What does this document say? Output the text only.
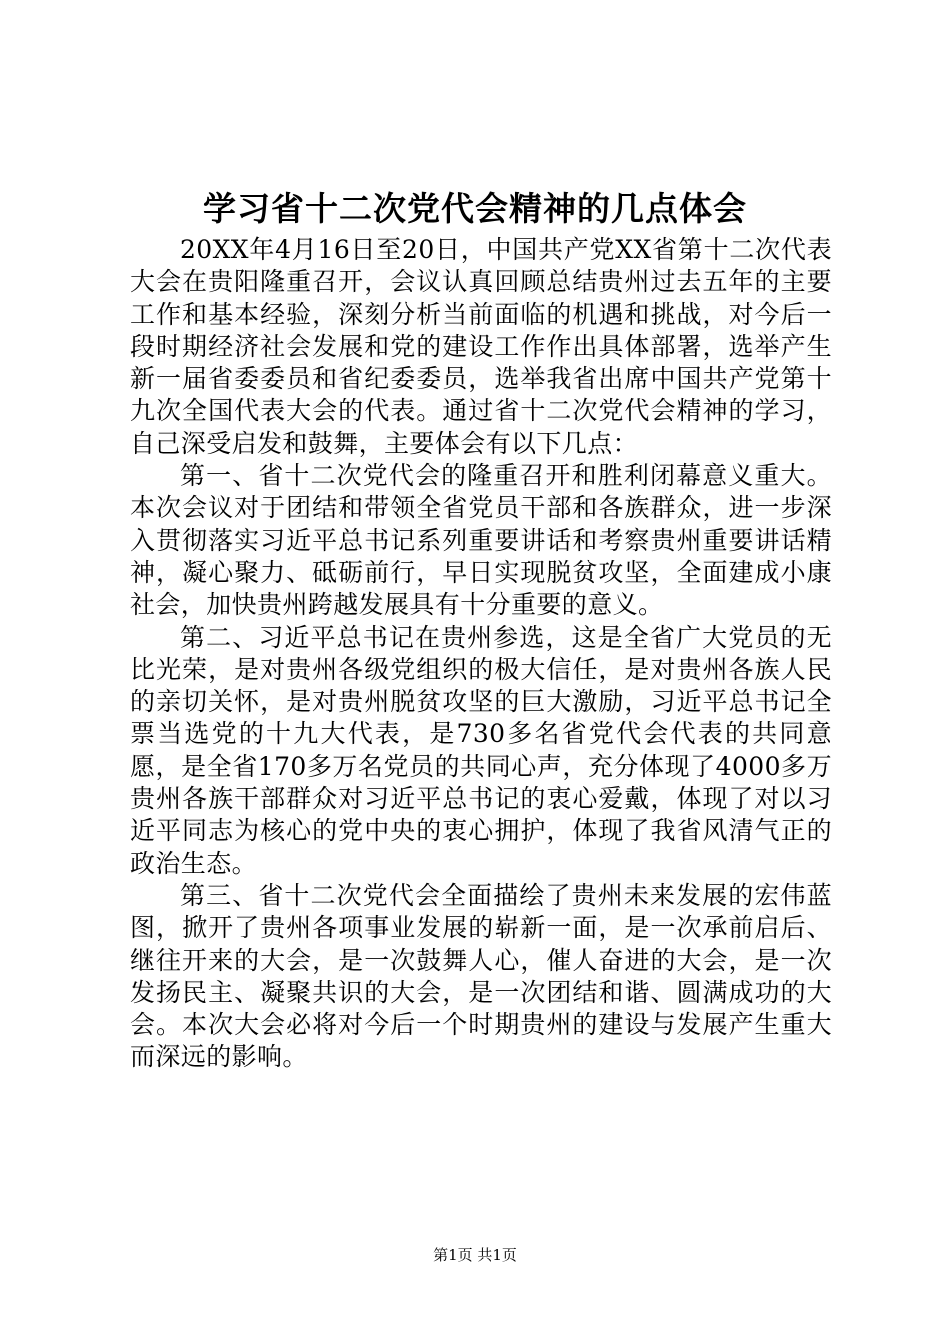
学习省十二次党代会精神的几点体会

20XX年4月16日至20日，中国共产党XX省第十二次代表大会在贵阳隆重召开，会议认真回顾总结贵州过去五年的主要工作和基本经验，深刻分析当前面临的机遇和挑战，对今后一段时期经济社会发展和党的建设工作作出具体部署，选举产生新一届省委委员和省纪委委员，选举我省出席中国共产党第十九次全国代表大会的代表。通过省十二次党代会精神的学习，自己深受启发和鼓舞，主要体会有以下几点：

第一、省十二次党代会的隆重召开和胜利闭幕意义重大。本次会议对于团结和带领全省党员干部和各族群众，进一步深入贯彻落实习近平总书记系列重要讲话和考察贵州重要讲话精神，凝心聚力、砥砺前行，早日实现脱贫攻坚，全面建成小康社会，加快贵州跨越发展具有十分重要的意义。

第二、习近平总书记在贵州参选，这是全省广大党员的无比光荣，是对贵州各级党组织的极大信任，是对贵州各族人民的亲切关怀，是对贵州脱贫攻坚的巨大激励，习近平总书记全票当选党的十九大代表，是730多名省党代会代表的共同意愿，是全省170多万名党员的共同心声，充分体现了4000多万贵州各族干部群众对习近平总书记的衷心爱戴，体现了对以习近平同志为核心的党中央的衷心拥护，体现了我省风清气正的政治生态。

第三、省十二次党代会全面描绘了贵州未来发展的宏伟蓝图，掀开了贵州各项事业发展的崭新一面，是一次承前启后、继往开来的大会，是一次鼓舞人心，催人奋进的大会，是一次发扬民主、凝聚共识的大会，是一次团结和谐、圆满成功的大会。本次大会必将对今后一个时期贵州的建设与发展产生重大而深远的影响。

第1页 共1页
